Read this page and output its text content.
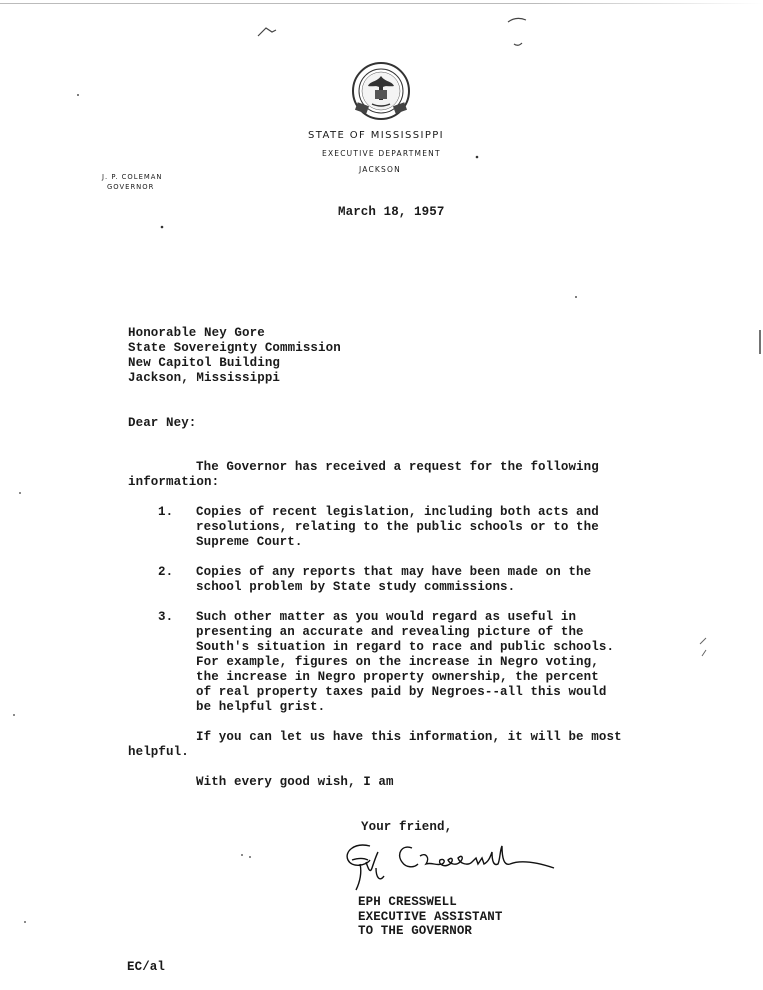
STATE OF MISSISSIPPI
EXECUTIVE DEPARTMENT
JACKSON
J. P. COLEMAN
GOVERNOR
March 18, 1957
Honorable Ney Gore
State Sovereignty Commission
New Capitol Building
Jackson, Mississippi
Dear Ney:
The Governor has received a request for the following
information:
1. Copies of recent legislation, including both acts and
resolutions, relating to the public schools or to the
Supreme Court.
2. Copies of any reports that may have been made on the
school problem by State study commissions.
3. Such other matter as you would regard as useful in
presenting an accurate and revealing picture of the
South's situation in regard to race and public schools.
For example, figures on the increase in Negro voting,
the increase in Negro property ownership, the percent
of real property taxes paid by Negroes--all this would
be helpful grist.
If you can let us have this information, it will be most
helpful.
With every good wish, I am
Your friend,
EPH CRESSWELL
EXECUTIVE ASSISTANT
TO THE GOVERNOR
EC/al
